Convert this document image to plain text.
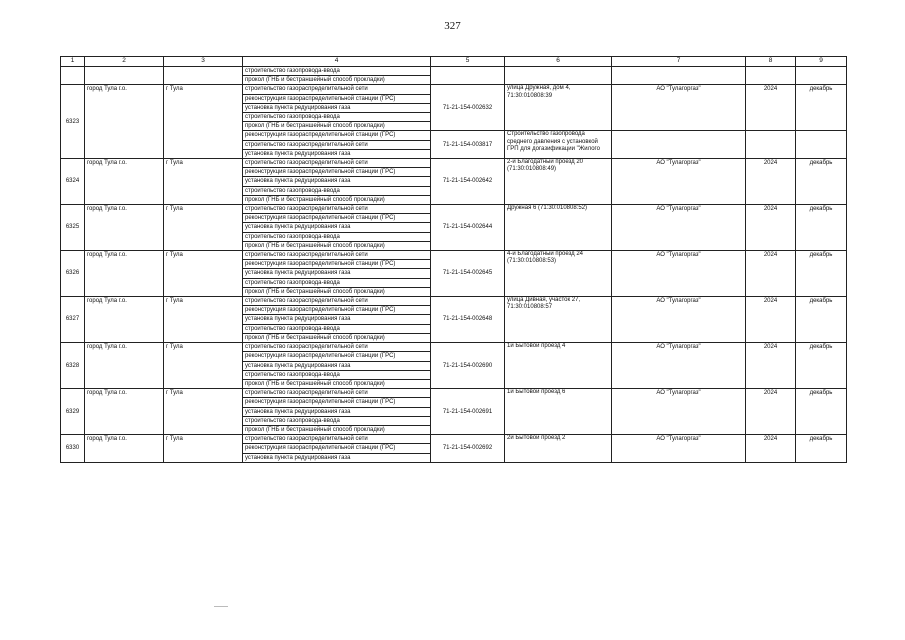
327
1	2	3	4	5	6	7	8	9
			строительство газопровода-ввода					
			прокол (ГНБ и бестраншейный способ прокладки)					
6323	город Тула г.о.	г Тула	строительство газораспределительной сети	71-21-154-002632	улица Дружная, дом 4, 71:30:010808:39	АО "Тулагоргаз"	2024	декабрь
			реконструкция газораспределительной станции (ГРС)					
			установка пункта редуцирования газа					
			строительство газопровода-ввода					
			прокол (ГНБ и бестраншейный способ прокладки)					
			реконструкция газораспределительной станции (ГРС)	71-21-154-003817	Строительство газопровода среднего давления с установкой ГРП для догазификации "Жилого			
			строительство газораспределительной сети					
			установка пункта редуцирования газа					
6324	город Тула г.о.	г Тула	строительство газораспределительной сети	71-21-154-002642	2-й Благодатный проезд 20 (71:30:010808:49)	АО "Тулагоргаз"	2024	декабрь
			реконструкция газораспределительной станции (ГРС)					
			установка пункта редуцирования газа					
			строительство газопровода-ввода					
			прокол (ГНБ и бестраншейный способ прокладки)					
6325	город Тула г.о.	г Тула	строительство газораспределительной сети	71-21-154-002644	Дружная 6 (71:30:010808:52)	АО "Тулагоргаз"	2024	декабрь
			реконструкция газораспределительной станции (ГРС)					
			установка пункта редуцирования газа					
			строительство газопровода-ввода					
			прокол (ГНБ и бестраншейный способ прокладки)					
6326	город Тула г.о.	г Тула	строительство газораспределительной сети	71-21-154-002645	4-й Благодатный проезд 24 (71:30:010808:53)	АО "Тулагоргаз"	2024	декабрь
			реконструкция газораспределительной станции (ГРС)					
			установка пункта редуцирования газа					
			строительство газопровода-ввода					
			прокол (ГНБ и бестраншейный способ прокладки)					
6327	город Тула г.о.	г Тула	строительство газораспределительной сети	71-21-154-002648	улица Дивная, участок 27, 71:30:010808:57	АО "Тулагоргаз"	2024	декабрь
			реконструкция газораспределительной станции (ГРС)					
			установка пункта редуцирования газа					
			строительство газопровода-ввода					
			прокол (ГНБ и бестраншейный способ прокладки)					
6328	город Тула г.о.	г Тула	строительство газораспределительной сети	71-21-154-002690	1й Бытовой проезд 4	АО "Тулагоргаз"	2024	декабрь
			реконструкция газораспределительной станции (ГРС)					
			установка пункта редуцирования газа					
			строительство газопровода-ввода					
			прокол (ГНБ и бестраншейный способ прокладки)					
6329	город Тула г.о.	г Тула	строительство газораспределительной сети	71-21-154-002691	1й Бытовой проезд 6	АО "Тулагоргаз"	2024	декабрь
			реконструкция газораспределительной станции (ГРС)					
			установка пункта редуцирования газа					
			строительство газопровода-ввода					
			прокол (ГНБ и бестраншейный способ прокладки)					
6330	город Тула г.о.	г Тула	строительство газораспределительной сети	71-21-154-002692	2й Бытовой проезд 2	АО "Тулагоргаз"	2024	декабрь
			реконструкция газораспределительной станции (ГРС)					
			установка пункта редуцирования газа					
